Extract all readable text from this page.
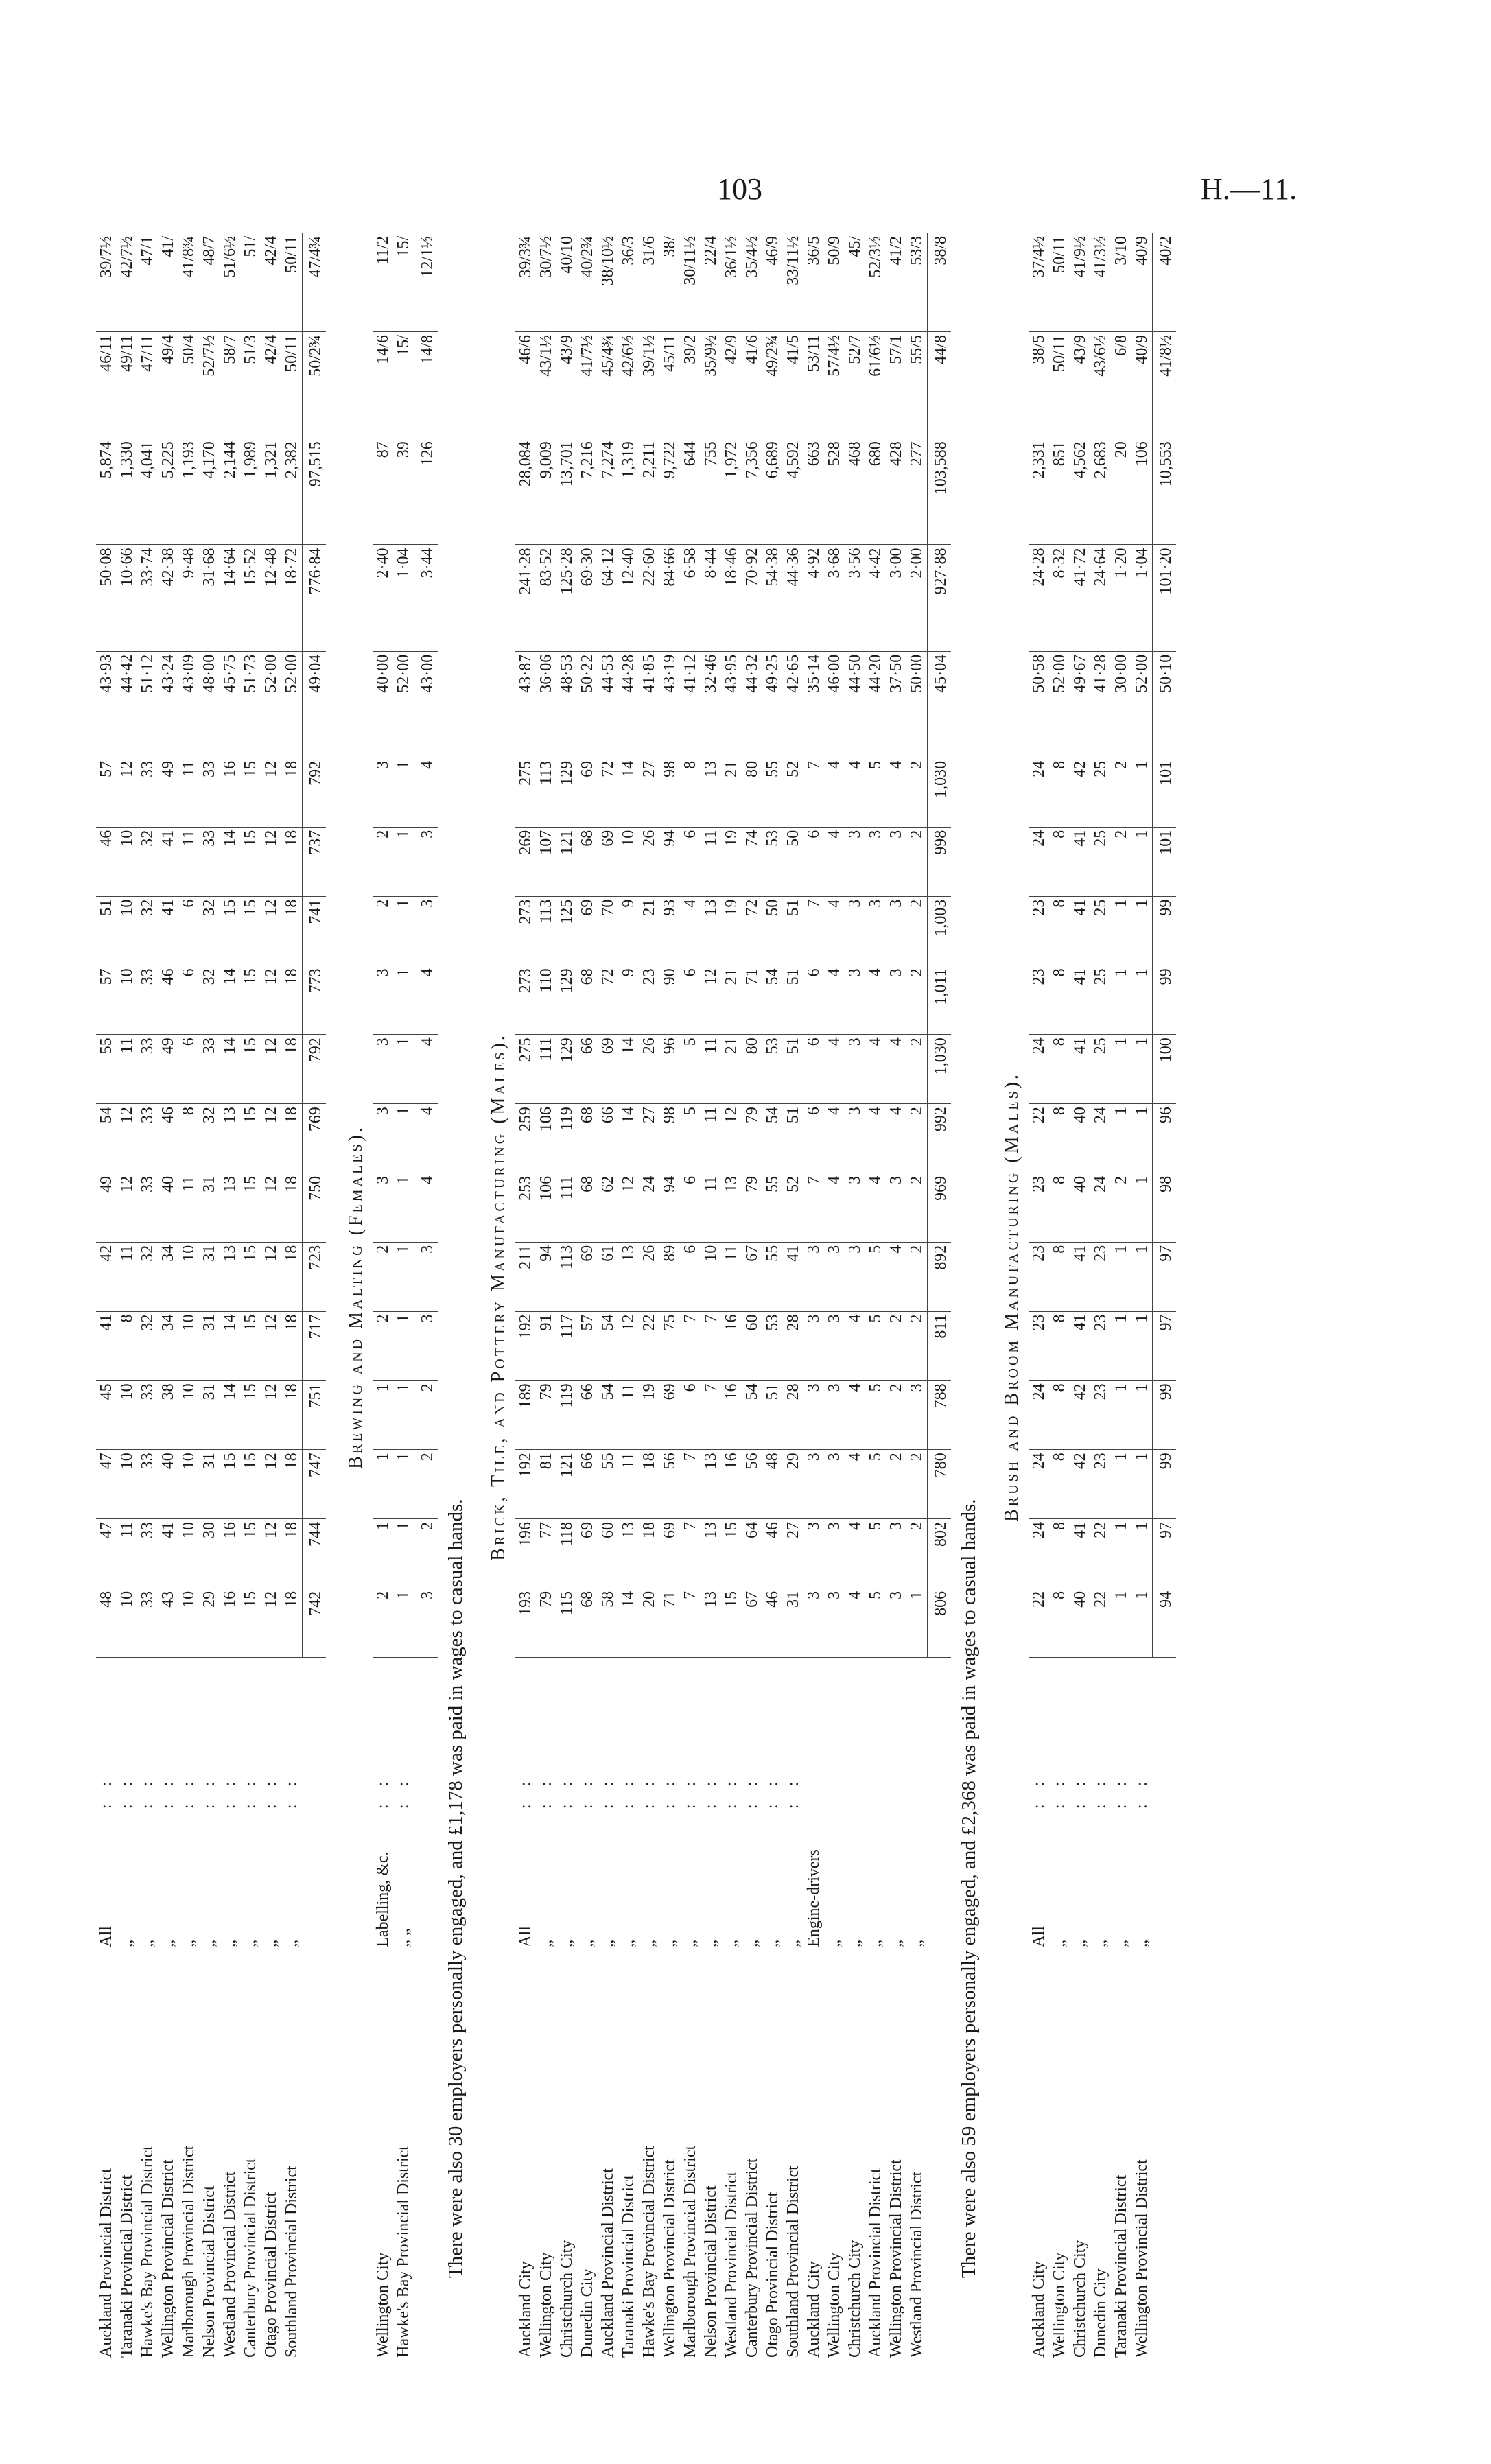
103	H.—11.
Auckland Provincial District	All	: :	48	47	47	45	41	42	49	54	55	57	51	46	57	43·93	50·08	5,874	46/11	39/7½
Taranaki Provincial District	„	: :	10	11	10	10	8	11	12	12	11	10	10	10	12	44·42	10·66	1,330	49/11	42/7½
Hawke's Bay Provincial District	„	: :	33	33	33	33	32	32	33	33	33	33	32	32	33	51·12	33·74	4,041	47/11	47/1
Wellington Provincial District	„	: :	43	41	40	38	34	34	40	46	49	46	41	41	49	43·24	42·38	5,225	49/4	41/
Marlborough Provincial District	„	: :	10	10	10	10	10	10	11	8	6	6	6	11	11	43·09	9·48	1,193	50/4	41/8¾
Nelson Provincial District	„	: :	29	30	31	31	31	31	31	32	33	32	32	33	33	48·00	31·68	4,170	52/7½	48/7
Westland Provincial District	„	: :	16	16	15	14	14	13	13	13	14	14	15	14	16	45·75	14·64	2,144	58/7	51/6½
Canterbury Provincial District	„	: :	15	15	15	15	15	15	15	15	15	15	15	15	15	51·73	15·52	1,989	51/3	51/
Otago Provincial District	„	: :	12	12	12	12	12	12	12	12	12	12	12	12	12	52·00	12·48	1,321	42/4	42/4
Southland Provincial District	„	: :	18	18	18	18	18	18	18	18	18	18	18	18	18	52·00	18·72	2,382	50/11	50/11
			742	744	747	751	717	723	750	769	792	773	741	737	792	49·04	776·84	97,515	50/2¾	47/4¾
Brewing and Malting (Females).
Wellington City	Labelling, &c.	: :	2	1	1	1	2	2	3	3	3	3	2	2	3	40·00	2·40	87	14/6	11/2
Hawke's Bay Provincial District	„ „	: :	1	1	1	1	1	1	1	1	1	1	1	1	1	52·00	1·04	39	15/	15/
			3	2	2	2	3	3	4	4	4	4	3	3	4	43·00	3·44	126	14/8	12/1½
There were also 30 employers personally engaged, and £1,178 was paid in wages to casual hands.
Brick, Tile, and Pottery Manufacturing (Males).
Auckland City	All	: :	193	196	192	189	192	211	253	259	275	273	273	269	275	43·87	241·28	28,084	46/6	39/3¾
Wellington City	„	: :	79	77	81	79	91	94	106	106	111	110	113	107	113	36·06	83·52	9,009	43/1½	30/7½
Christchurch City	„	: :	115	118	121	119	117	113	111	119	129	129	125	121	129	48·53	125·28	13,701	43/9	40/10
Dunedin City	„	: :	68	69	66	66	57	69	68	68	66	68	69	68	69	50·22	69·30	7,216	41/7½	40/2¾
Auckland Provincial District	„	: :	58	60	55	54	54	61	62	66	69	72	70	69	72	44·53	64·12	7,274	45/4¾	38/10½
Taranaki Provincial District	„	: :	14	13	11	11	12	13	12	14	14	9	9	10	14	44·28	12·40	1,319	42/6½	36/3
Hawke's Bay Provincial District	„	: :	20	18	18	19	22	26	24	27	26	23	21	26	27	41·85	22·60	2,211	39/1½	31/6
Wellington Provincial District	„	: :	71	69	56	69	75	89	94	98	96	90	93	94	98	43·19	84·66	9,722	45/11	38/
Marlborough Provincial District	„	: :	7	7	7	6	7	6	6	5	5	6	4	6	8	41·12	6·58	644	39/2	30/11½
Nelson Provincial District	„	: :	13	13	13	7	7	10	11	11	11	12	13	11	13	32·46	8·44	755	35/9½	22/4
Westland Provincial District	„	: :	15	15	16	16	16	11	13	12	21	21	19	19	21	43·95	18·46	1,972	42/9	36/1½
Canterbury Provincial District	„	: :	67	64	56	54	60	67	79	79	80	71	72	74	80	44·32	70·92	7,356	41/6	35/4½
Otago Provincial District	„	: :	46	46	48	51	53	55	55	54	53	54	50	53	55	49·25	54·38	6,689	49/2¾	46/9
Southland Provincial District	„	: :	31	27	29	28	28	41	52	51	51	51	51	50	52	42·65	44·36	4,592	41/5	33/11½
Auckland City	Engine-drivers		3	3	3	3	3	3	7	6	6	6	7	6	7	35·14	4·92	663	53/11	36/5
Wellington City	„		3	3	3	3	3	3	4	4	4	4	4	4	4	46·00	3·68	528	57/4½	50/9
Christchurch City	„		4	4	4	4	4	3	3	3	3	3	3	3	4	44·50	3·56	468	52/7	45/
Auckland Provincial District	„		5	5	5	5	5	5	4	4	4	4	3	3	5	44·20	4·42	680	61/6½	52/3½
Wellington Provincial District	„		3	3	2	2	2	4	3	4	4	3	3	3	4	37·50	3·00	428	57/1	41/2
Westland Provincial District	„		1	2	2	3	2	2	2	2	2	2	2	2	2	50·00	2·00	277	55/5	53/3
			806	802	780	788	811	892	969	992	1,030	1,011	1,003	998	1,030	45·04	927·88	103,588	44/8	38/8
There were also 59 employers personally engaged, and £2,368 was paid in wages to casual hands.
Brush and Broom Manufacturing (Males).
Auckland City	All	: :	22	24	24	24	23	23	23	22	24	23	23	24	24	50·58	24·28	2,331	38/5	37/4½
Wellington City	„	: :	8	8	8	8	8	8	8	8	8	8	8	8	8	52·00	8·32	851	50/11	50/11
Christchurch City	„	: :	40	41	42	42	41	41	40	40	41	41	41	41	42	49·67	41·72	4,562	43/9	41/9½
Dunedin City	„	: :	22	22	23	23	23	23	24	24	25	25	25	25	25	41·28	24·64	2,683	43/6½	41/3½
Taranaki Provincial District	„	: :	1	1	1	1	1	1	2	1	1	1	1	2	2	30·00	1·20	20	6/8	3/10
Wellington Provincial District	„	: :	1	1	1	1	1	1	1	1	1	1	1	1	1	52·00	1·04	106	40/9	40/9
			94	97	99	99	97	97	98	96	100	99	99	101	101	50·10	101·20	10,553	41/8½	40/2
